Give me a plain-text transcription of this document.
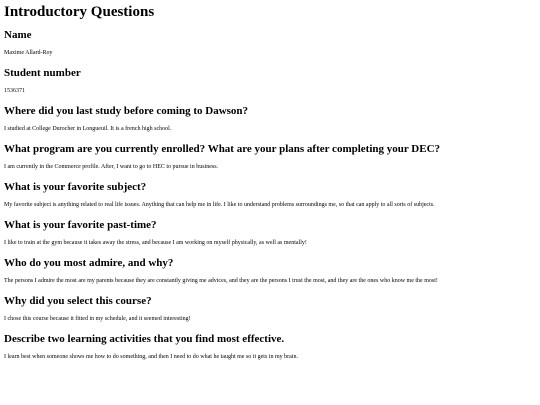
Introductory Questions
Name

Maxime Allard-Roy

Student number

1536371

Where did you last study before coming to Dawson?

I studied at College Durocher in Longueuil. It is a french high school.

What program are you currently enrolled? What are your plans after completing your DEC?

I am currently in the Commerce profile. After, I want to go to HEC to pursue in business.

What is your favorite subject?

My favorite subject is anything related to real life issues. Anything that can help me in life. I like to understand problems surroundings me, so that can apply to all sorts of subjects.

What is your favorite past-time?

I like to train at the gym because it takes away the stress, and because I am working on myself physically, as well as mentally!

Who do you most admire, and why?

The persons I admire the most are my parents because they are constantly giving me advices, and they are the persons I trust the most, and they are the ones who know me the most!

Why did you select this course?

I chose this course because it fitted in my schedule, and it seemed interesting!

Describe two learning activities that you find most effective.

I learn best when someone shows me how to do something, and then I need to do what he taught me so it gets in my brain.
